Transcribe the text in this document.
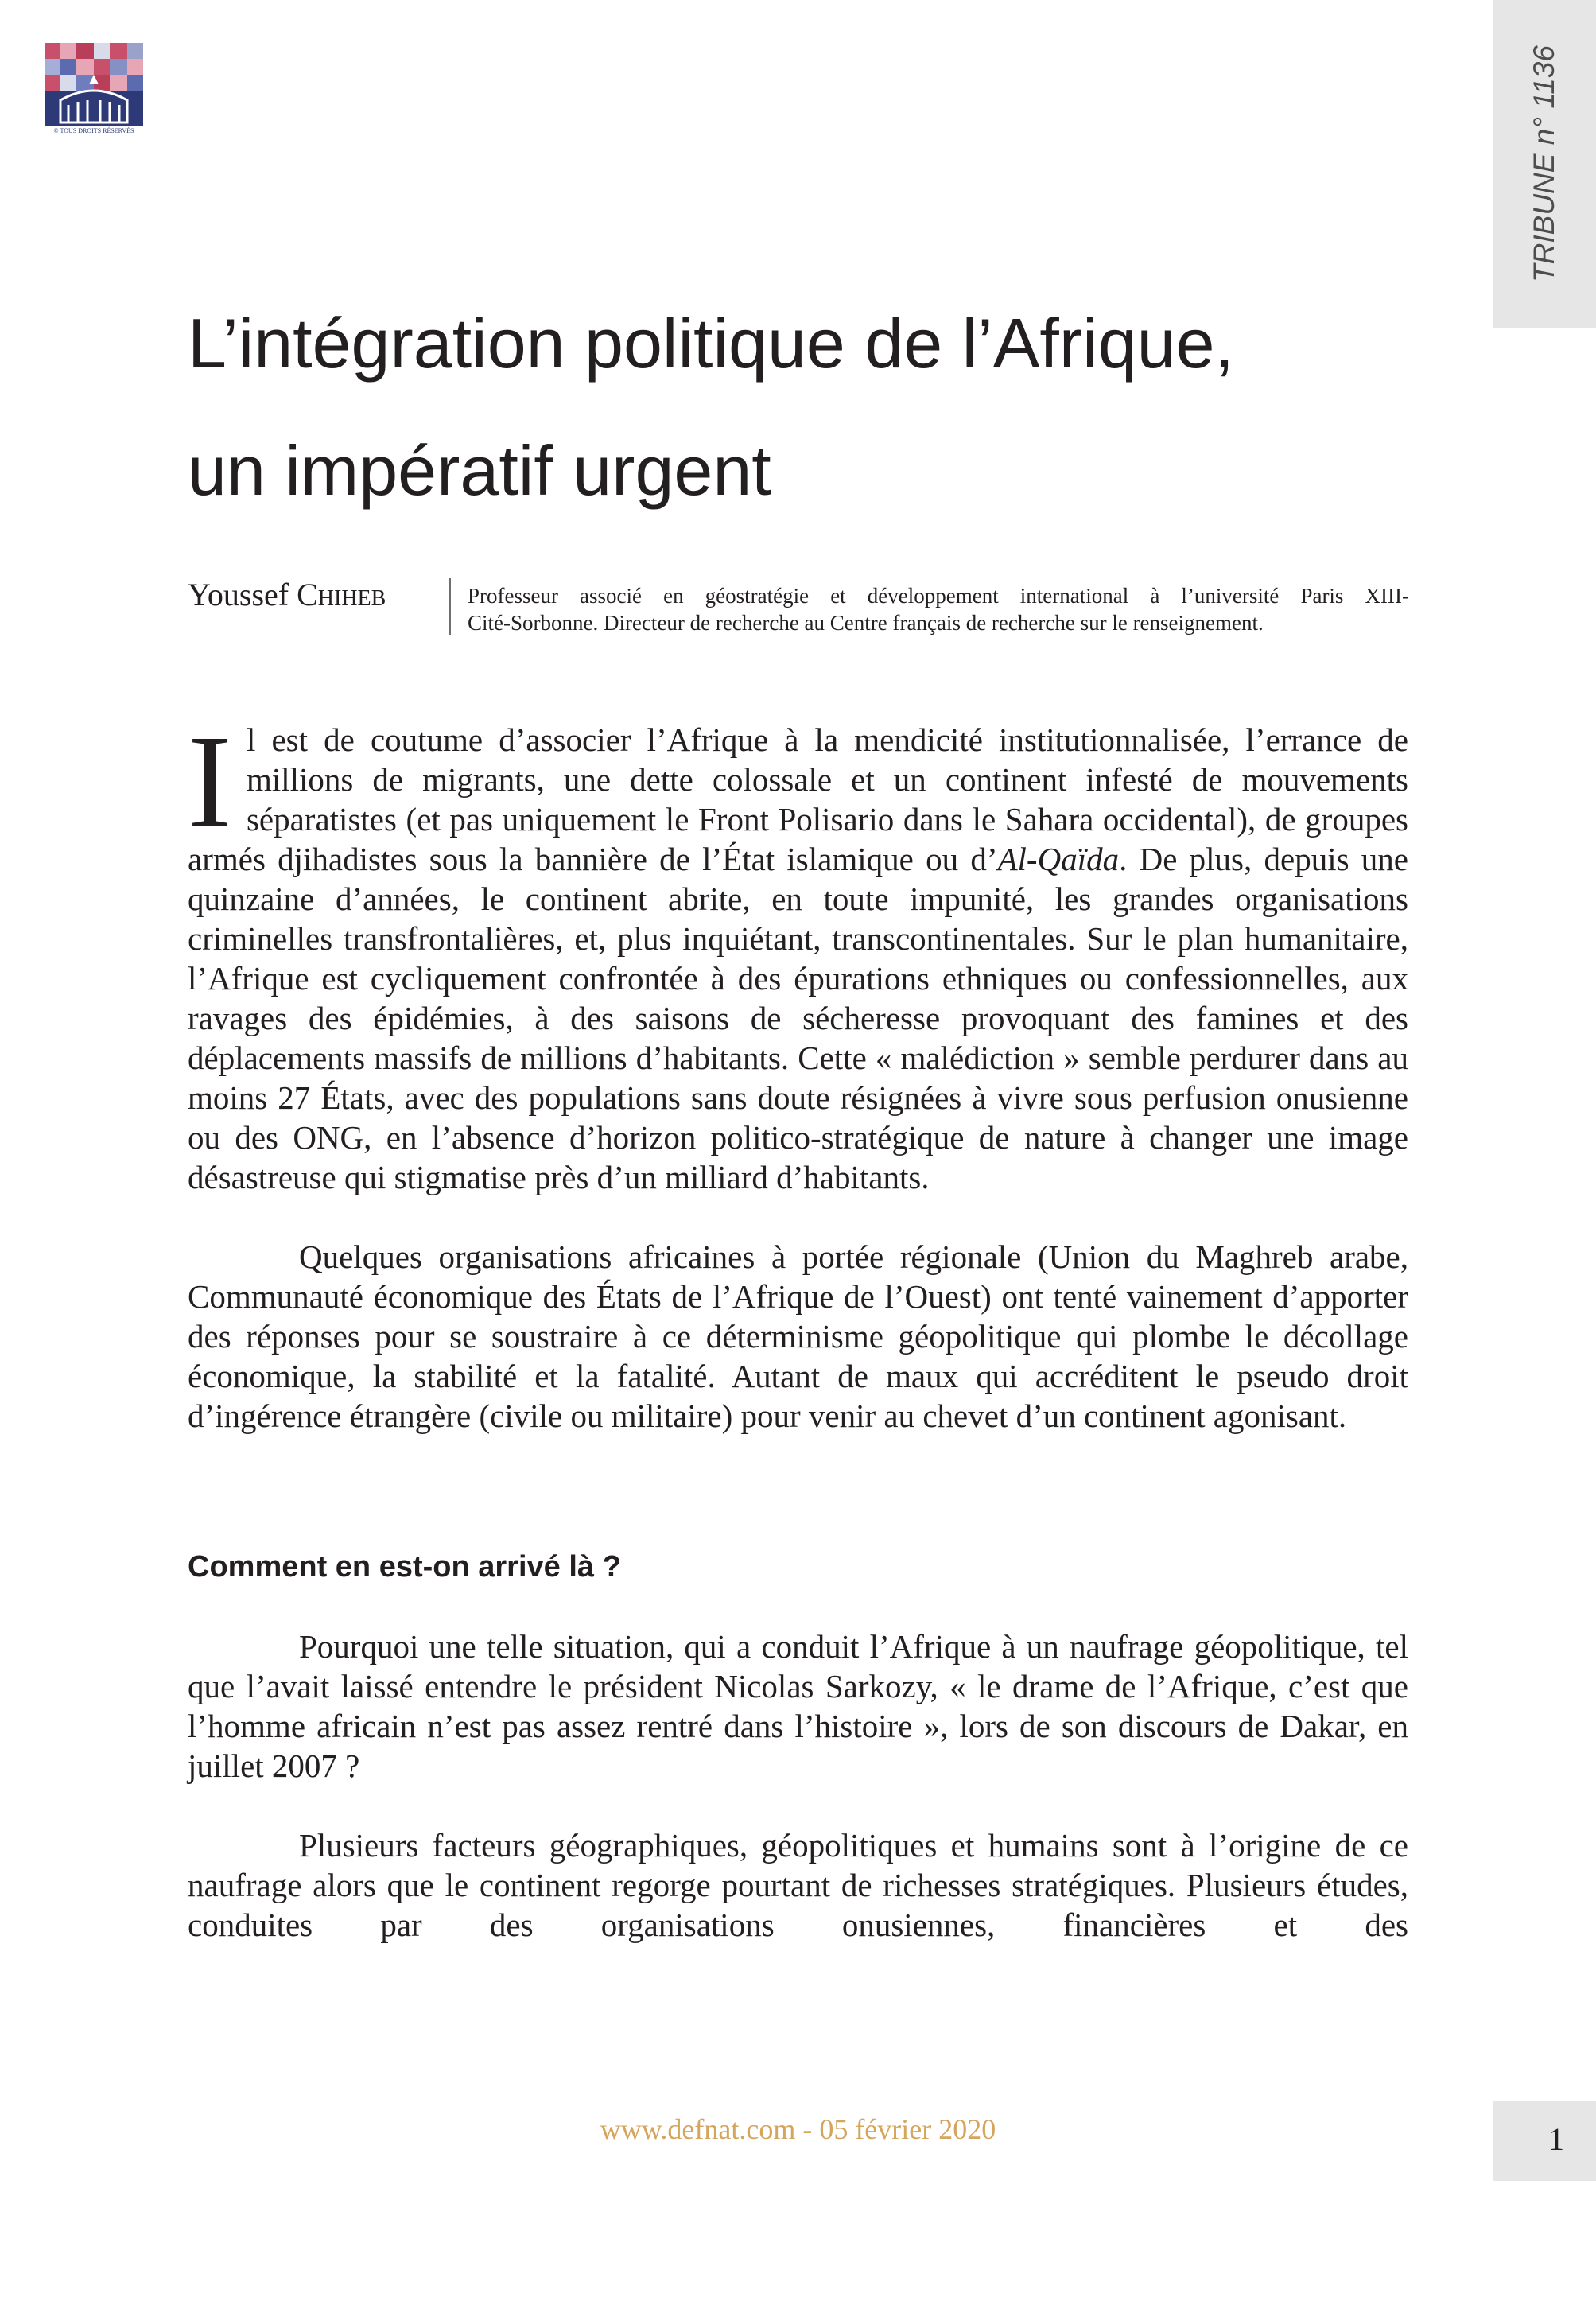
© TOUS DROITS RÉSERVÉS	TRIBUNE n° 1136
L’intégration politique de l’Afrique,
un impératif urgent
Youssef Chiheb	Professeur associé en géostratégie et développement international à l’université Paris XIII-
Cité-Sorbonne. Directeur de recherche au Centre français de recherche sur le renseignement.

Il est de coutume d’associer l’Afrique à la mendicité institutionnalisée, l’errance de millions de migrants, une dette colossale et un continent infesté de mouvements séparatistes (et pas uniquement le Front Polisario dans le Sahara occidental), de groupes armés djihadistes sous la bannière de l’État islamique ou d’Al-Qaïda. De plus, depuis une quinzaine d’années, le continent abrite, en toute impunité, les grandes organisations criminelles transfrontalières, et, plus inquiétant, transcontinentales. Sur le plan humanitaire, l’Afrique est cycliquement confrontée à des épurations ethniques ou confessionnelles, aux ravages des épidémies, à des saisons de sécheresse provoquant des famines et des déplacements massifs de millions d’habitants. Cette « malédiction » semble perdurer dans au moins 27 États, avec des populations sans doute résignées à vivre sous perfusion onusienne ou des ONG, en l’absence d’horizon politico-stratégique de nature à changer une image désastreuse qui stigmatise près d’un milliard d’habitants.

Quelques organisations africaines à portée régionale (Union du Maghreb arabe, Communauté économique des États de l’Afrique de l’Ouest) ont tenté vainement d’apporter des réponses pour se soustraire à ce déterminisme géopolitique qui plombe le décollage économique, la stabilité et la fatalité. Autant de maux qui accréditent le pseudo droit d’ingérence étrangère (civile ou militaire) pour venir au chevet d’un continent agonisant.

Comment en est-on arrivé là ?

Pourquoi une telle situation, qui a conduit l’Afrique à un naufrage géopolitique, tel que l’avait laissé entendre le président Nicolas Sarkozy, « le drame de l’Afrique, c’est que l’homme africain n’est pas assez rentré dans l’histoire », lors de son discours de Dakar, en juillet 2007 ?

Plusieurs facteurs géographiques, géopolitiques et humains sont à l’origine de ce naufrage alors que le continent regorge pourtant de richesses stratégiques. Plusieurs études, conduites par des organisations onusiennes, financières et des

www.defnat.com - 05 février 2020	1
